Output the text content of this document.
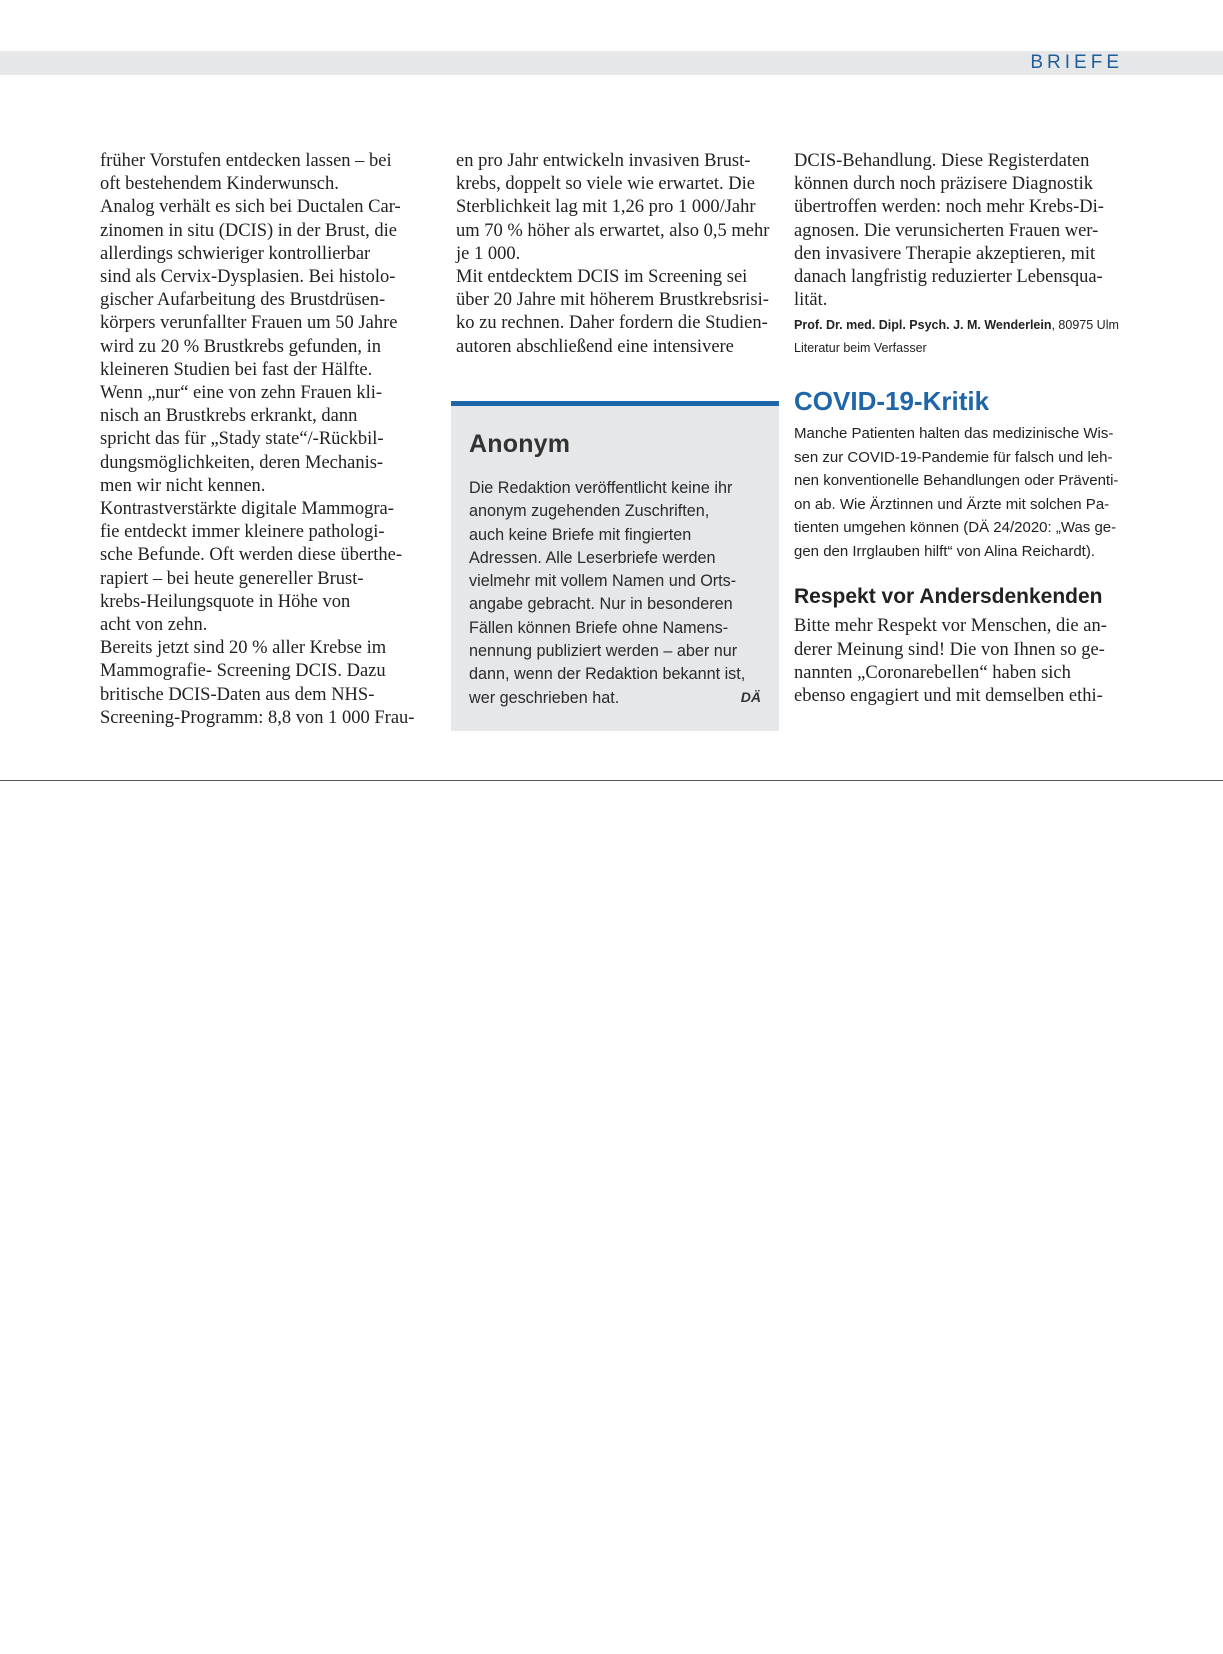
BRIEFE

früher Vorstufen entdecken lassen – bei
oft bestehendem Kinderwunsch.
Analog verhält es sich bei Ductalen Car-
zinomen in situ (DCIS) in der Brust, die
allerdings schwieriger kontrollierbar
sind als Cervix-Dysplasien. Bei histolo-
gischer Aufarbeitung des Brustdrüsen-
körpers verunfallter Frauen um 50 Jahre
wird zu 20 % Brustkrebs gefunden, in
kleineren Studien bei fast der Hälfte.
Wenn „nur“ eine von zehn Frauen kli-
nisch an Brustkrebs erkrankt, dann
spricht das für „Stady state“/-Rückbil-
dungsmöglichkeiten, deren Mechanis-
men wir nicht kennen.
Kontrastverstärkte digitale Mammogra-
fie entdeckt immer kleinere pathologi-
sche Befunde. Oft werden diese überthe-
rapiert – bei heute genereller Brust-
krebs-Heilungsquote in Höhe von
acht von zehn.
Bereits jetzt sind 20 % aller Krebse im
Mammografie- Screening DCIS. Dazu
britische DCIS-Daten aus dem NHS-
Screening-Programm: 8,8 von 1 000 Frau-

en pro Jahr entwickeln invasiven Brust-
krebs, doppelt so viele wie erwartet. Die
Sterblichkeit lag mit 1,26 pro 1 000/Jahr
um 70 % höher als erwartet, also 0,5 mehr
je 1 000.
Mit entdecktem DCIS im Screening sei
über 20 Jahre mit höherem Brustkrebsrisi-
ko zu rechnen. Daher fordern die Studien-
autoren abschließend eine intensivere

Anonym
Die Redaktion veröffentlicht keine ihr
anonym zugehenden Zuschriften,
auch keine Briefe mit fingierten
Adressen. Alle Leserbriefe werden
vielmehr mit vollem Namen und Orts-
angabe gebracht. Nur in besonderen
Fällen können Briefe ohne Namens-
nennung publiziert werden – aber nur
dann, wenn der Redaktion bekannt ist,
wer geschrieben hat.	DÄ

DCIS-Behandlung. Diese Registerdaten
können durch noch präzisere Diagnostik
übertroffen werden: noch mehr Krebs-Di-
agnosen. Die verunsicherten Frauen wer-
den invasivere Therapie akzeptieren, mit
danach langfristig reduzierter Lebensqua-
lität.

Prof. Dr. med. Dipl. Psych. J. M. Wenderlein, 80975 Ulm
Literatur beim Verfasser
COVID-19-Kritik
Manche Patienten halten das medizinische Wis-
sen zur COVID-19-Pandemie für falsch und leh-
nen konventionelle Behandlungen oder Präventi-
on ab. Wie Ärztinnen und Ärzte mit solchen Pa-
tienten umgehen können (DÄ 24/2020: „Was ge-
gen den Irrglauben hilft“ von Alina Reichardt).
Respekt vor Andersdenkenden

Bitte mehr Respekt vor Menschen, die an-
derer Meinung sind! Die von Ihnen so ge-
nannten „Coronarebellen“ haben sich
ebenso engagiert und mit demselben ethi-
